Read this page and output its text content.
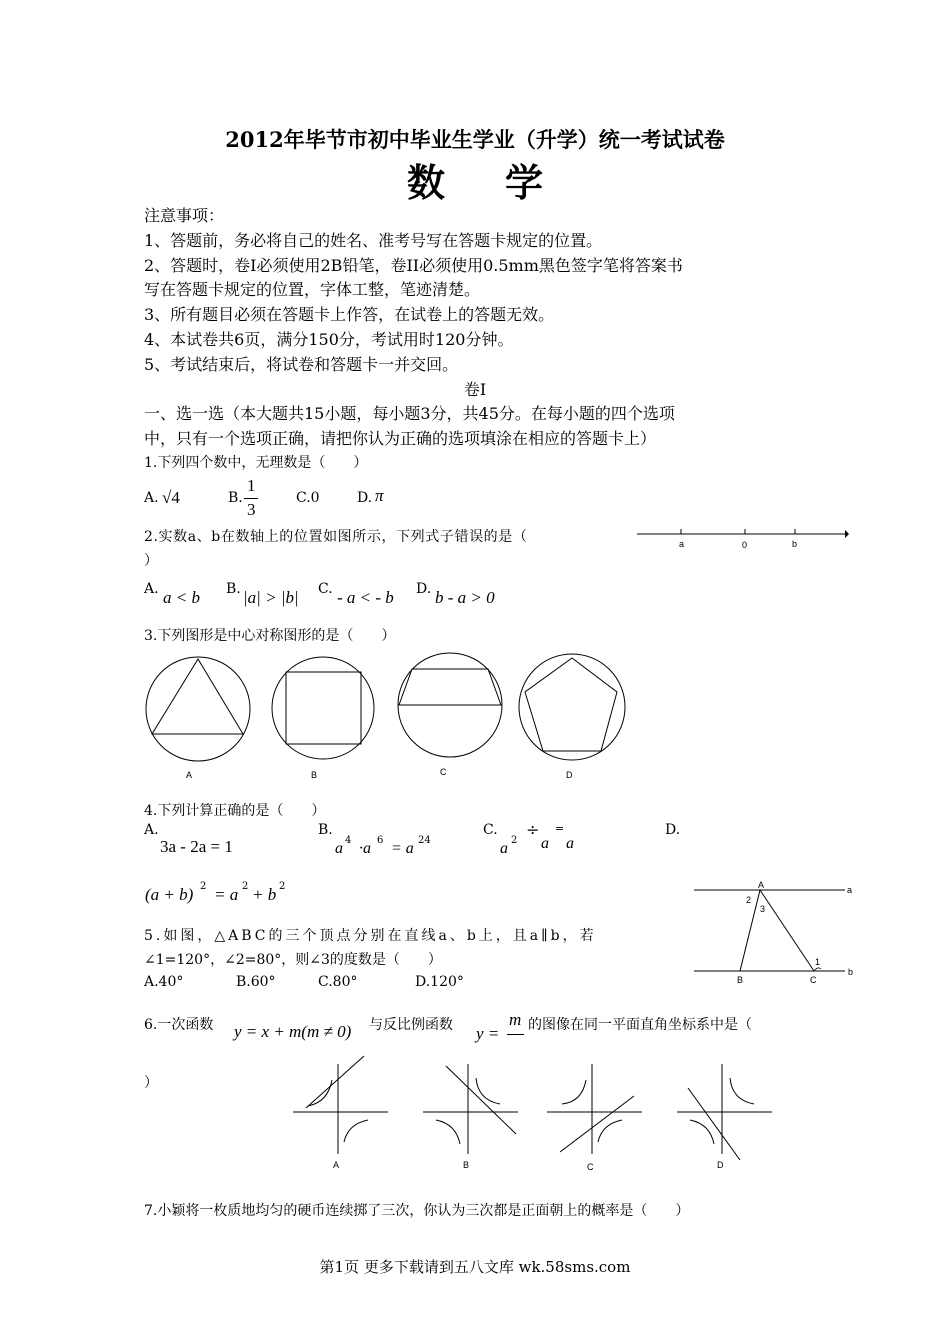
2012年毕节市初中毕业生学业（升学）统一考试试卷
数学
注意事项：
1、答题前，务必将自己的姓名、准考号写在答题卡规定的位置。
2、答题时，卷I必须使用2B铅笔，卷II必须使用0.5mm黑色签字笔将答案书
写在答题卡规定的位置，字体工整，笔迹清楚。
3、所有题目必须在答题卡上作答，在试卷上的答题无效。
4、本试卷共6页，满分150分，考试用时120分钟。
5、考试结束后，将试卷和答题卡一并交回。
卷I
一、选一选（本大题共15小题，每小题3分，共45分。在每小题的四个选项
中，只有一个选项正确，请把你认为正确的选项填涂在相应的答题卡上）
1.下列四个数中，无理数是（　　）
A. √4	B.
1
3
C.0	D. π
2.实数a、b在数轴上的位置如图所示，下列式子错误的是（
）
a	0	b
A. a < b B. |a| > |b| C. - a < - b D. b - a > 0
3.下列图形是中心对称图形的是（　　）
A	B	C	D
4.下列计算正确的是（　　）
A.
3a - 2a = 1
B.
a 4 ·a 6 = a 24
C.
a 2
÷ =
a a
D.
(a + b) 2 = a 2 + b 2	A	a
2
3
1
B	C
b
5.如图，△ABC的三个顶点分别在直线a、b上，且a∥b，若
∠1=120°，∠2=80°，则∠3的度数是（　　）
A.40°	B.60°	C.80°	D.120°
6.一次函数 y = x + m(m ≠ 0) 与反比例函数 y =
m 的图像在同一平面直角坐标系中是（
）
A	B	C	D
7.小颖将一枚质地均匀的硬币连续掷了三次，你认为三次都是正面朝上的概率是（　　）
第1页 更多下载请到五八文库 wk.58sms.com
